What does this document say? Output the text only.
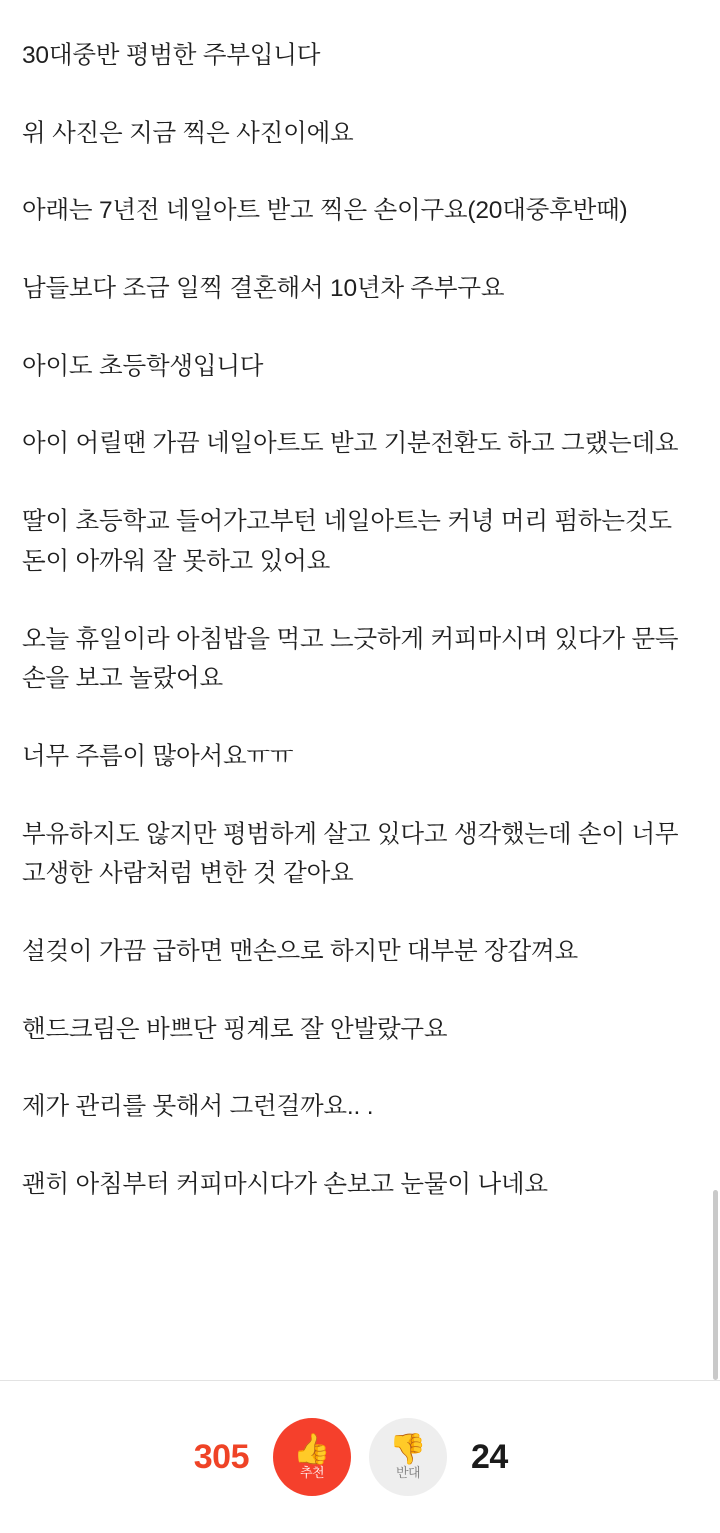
30대중반 평범한 주부입니다

위 사진은 지금 찍은 사진이에요

아래는 7년전 네일아트 받고 찍은 손이구요(20대중후반때)

남들보다 조금 일찍 결혼해서 10년차 주부구요

아이도 초등학생입니다

아이 어릴땐 가끔 네일아트도 받고 기분전환도 하고 그랬는데요

딸이 초등학교 들어가고부턴 네일아트는 커녕 머리 펌하는것도 돈이 아까워 잘 못하고 있어요

오늘 휴일이라 아침밥을 먹고 느긋하게 커피마시며 있다가 문득 손을 보고 놀랐어요

너무 주름이 많아서요ㅠㅠ

부유하지도 않지만 평범하게 살고 있다고 생각했는데 손이 너무 고생한 사람처럼 변한 것 같아요

설겆이 가끔 급하면 맨손으로 하지만 대부분 장갑껴요

핸드크림은 바쁘단 핑계로 잘 안발랐구요

제가 관리를 못해서 그런걸까요.. .

괜히 아침부터 커피마시다가 손보고 눈물이 나네요

305 👍
추천
👎
반대 24
